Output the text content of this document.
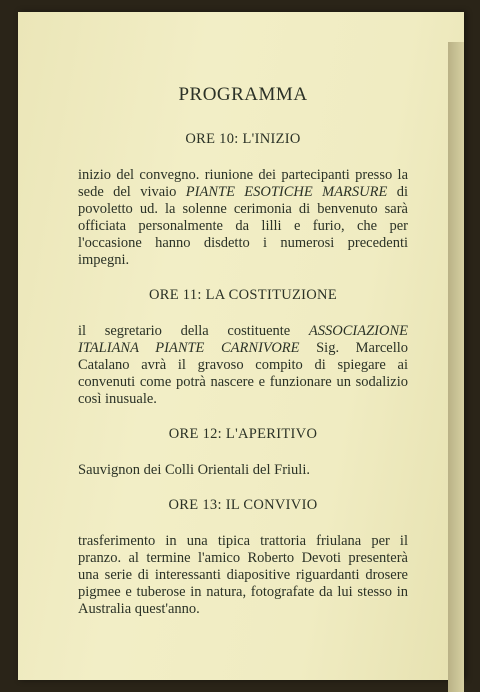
PROGRAMMA
ORE 10: L'INIZIO

inizio del convegno. riunione dei partecipanti presso la sede del vivaio PIANTE ESOTICHE MARSURE di povoletto ud. la solenne cerimonia di benvenuto sarà officiata personalmente da lilli e furio, che per l'occasione hanno disdetto i numerosi precedenti impegni.

ORE 11: LA COSTITUZIONE

il segretario della costituente ASSOCIAZIONE ITALIANA PIANTE CARNIVORE Sig. Marcello Catalano avrà il gravoso compito di spiegare ai convenuti come potrà nascere e funzionare un sodalizio così inusuale.

ORE 12: L'APERITIVO

Sauvignon dei Colli Orientali del Friuli.

ORE 13: IL CONVIVIO

trasferimento in una tipica trattoria friulana per il pranzo. al termine l'amico Roberto Devoti presenterà una serie di interessanti diapositive riguardanti drosere pigmee e tuberose in natura, fotografate da lui stesso in Australia quest'anno.
